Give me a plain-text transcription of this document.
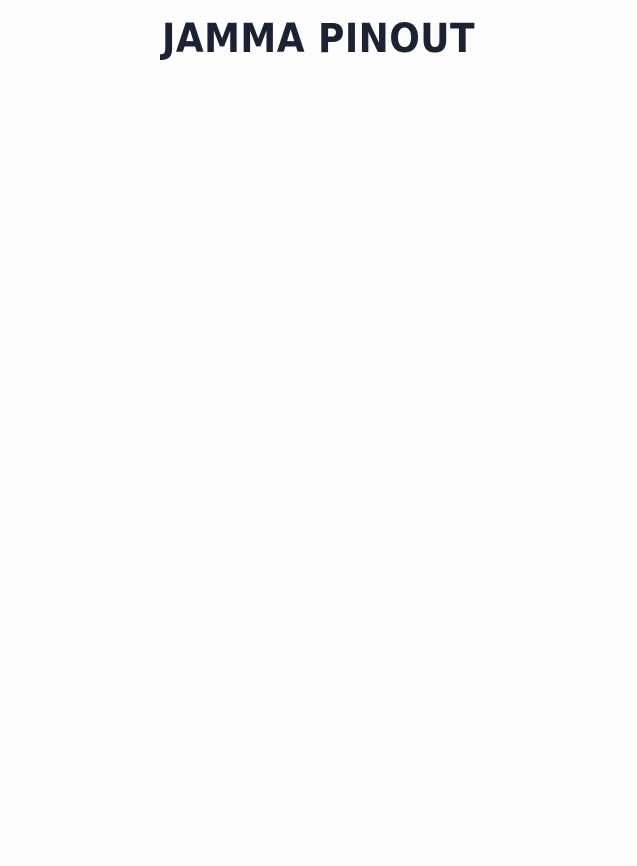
JAMMA PINOUT
